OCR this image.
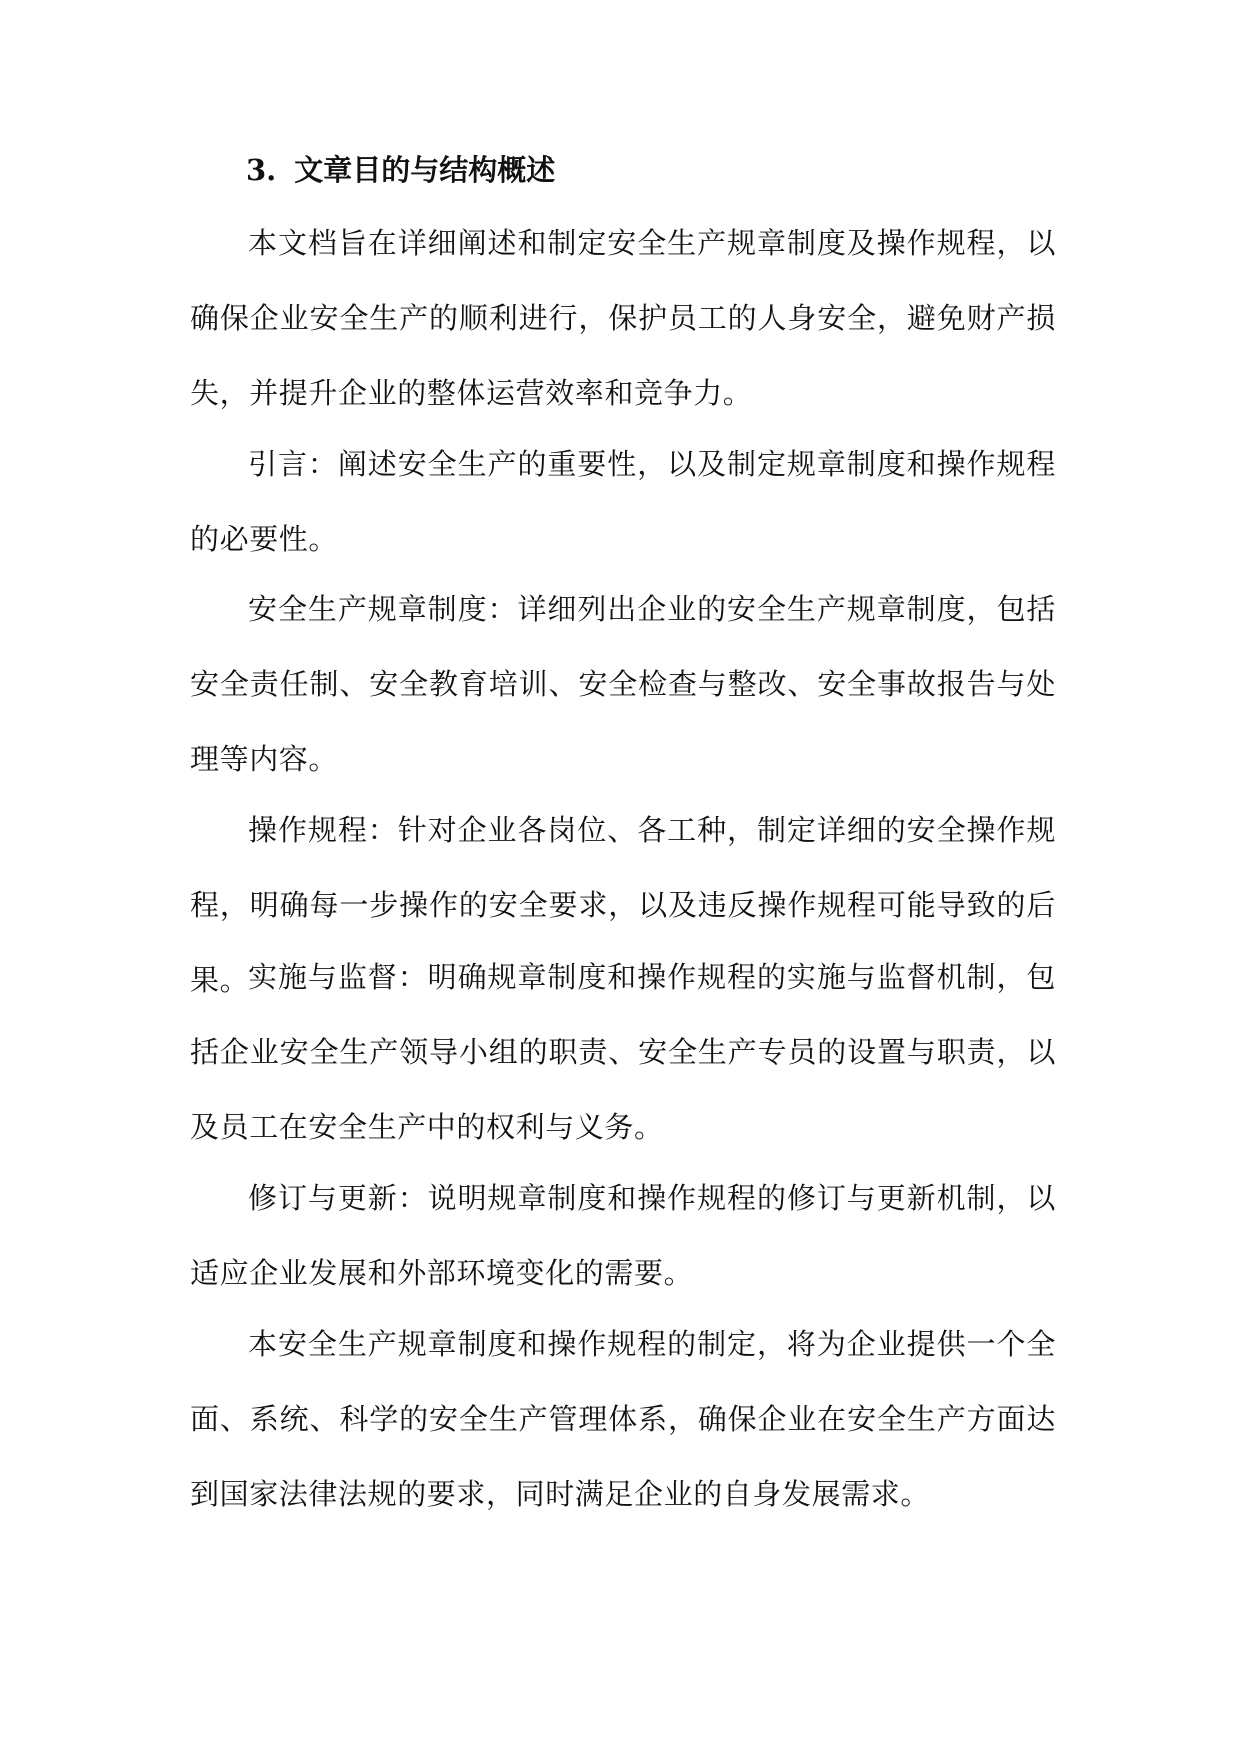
3. 文章目的与结构概述

本文档旨在详细阐述和制定安全生产规章制度及操作规程，以确保企业安全生产的顺利进行，保护员工的人身安全，避免财产损失，并提升企业的整体运营效率和竞争力。

引言：阐述安全生产的重要性，以及制定规章制度和操作规程的必要性。

安全生产规章制度：详细列出企业的安全生产规章制度，包括安全责任制、安全教育培训、安全检查与整改、安全事故报告与处理等内容。

操作规程：针对企业各岗位、各工种，制定详细的安全操作规程，明确每一步操作的安全要求，以及违反操作规程可能导致的后果。

实施与监督：明确规章制度和操作规程的实施与监督机制，包括企业安全生产领导小组的职责、安全生产专员的设置与职责，以及员工在安全生产中的权利与义务。

修订与更新：说明规章制度和操作规程的修订与更新机制，以适应企业发展和外部环境变化的需要。

本安全生产规章制度和操作规程的制定，将为企业提供一个全面、系统、科学的安全生产管理体系，确保企业在安全生产方面达到国家法律法规的要求，同时满足企业的自身发展需求。
